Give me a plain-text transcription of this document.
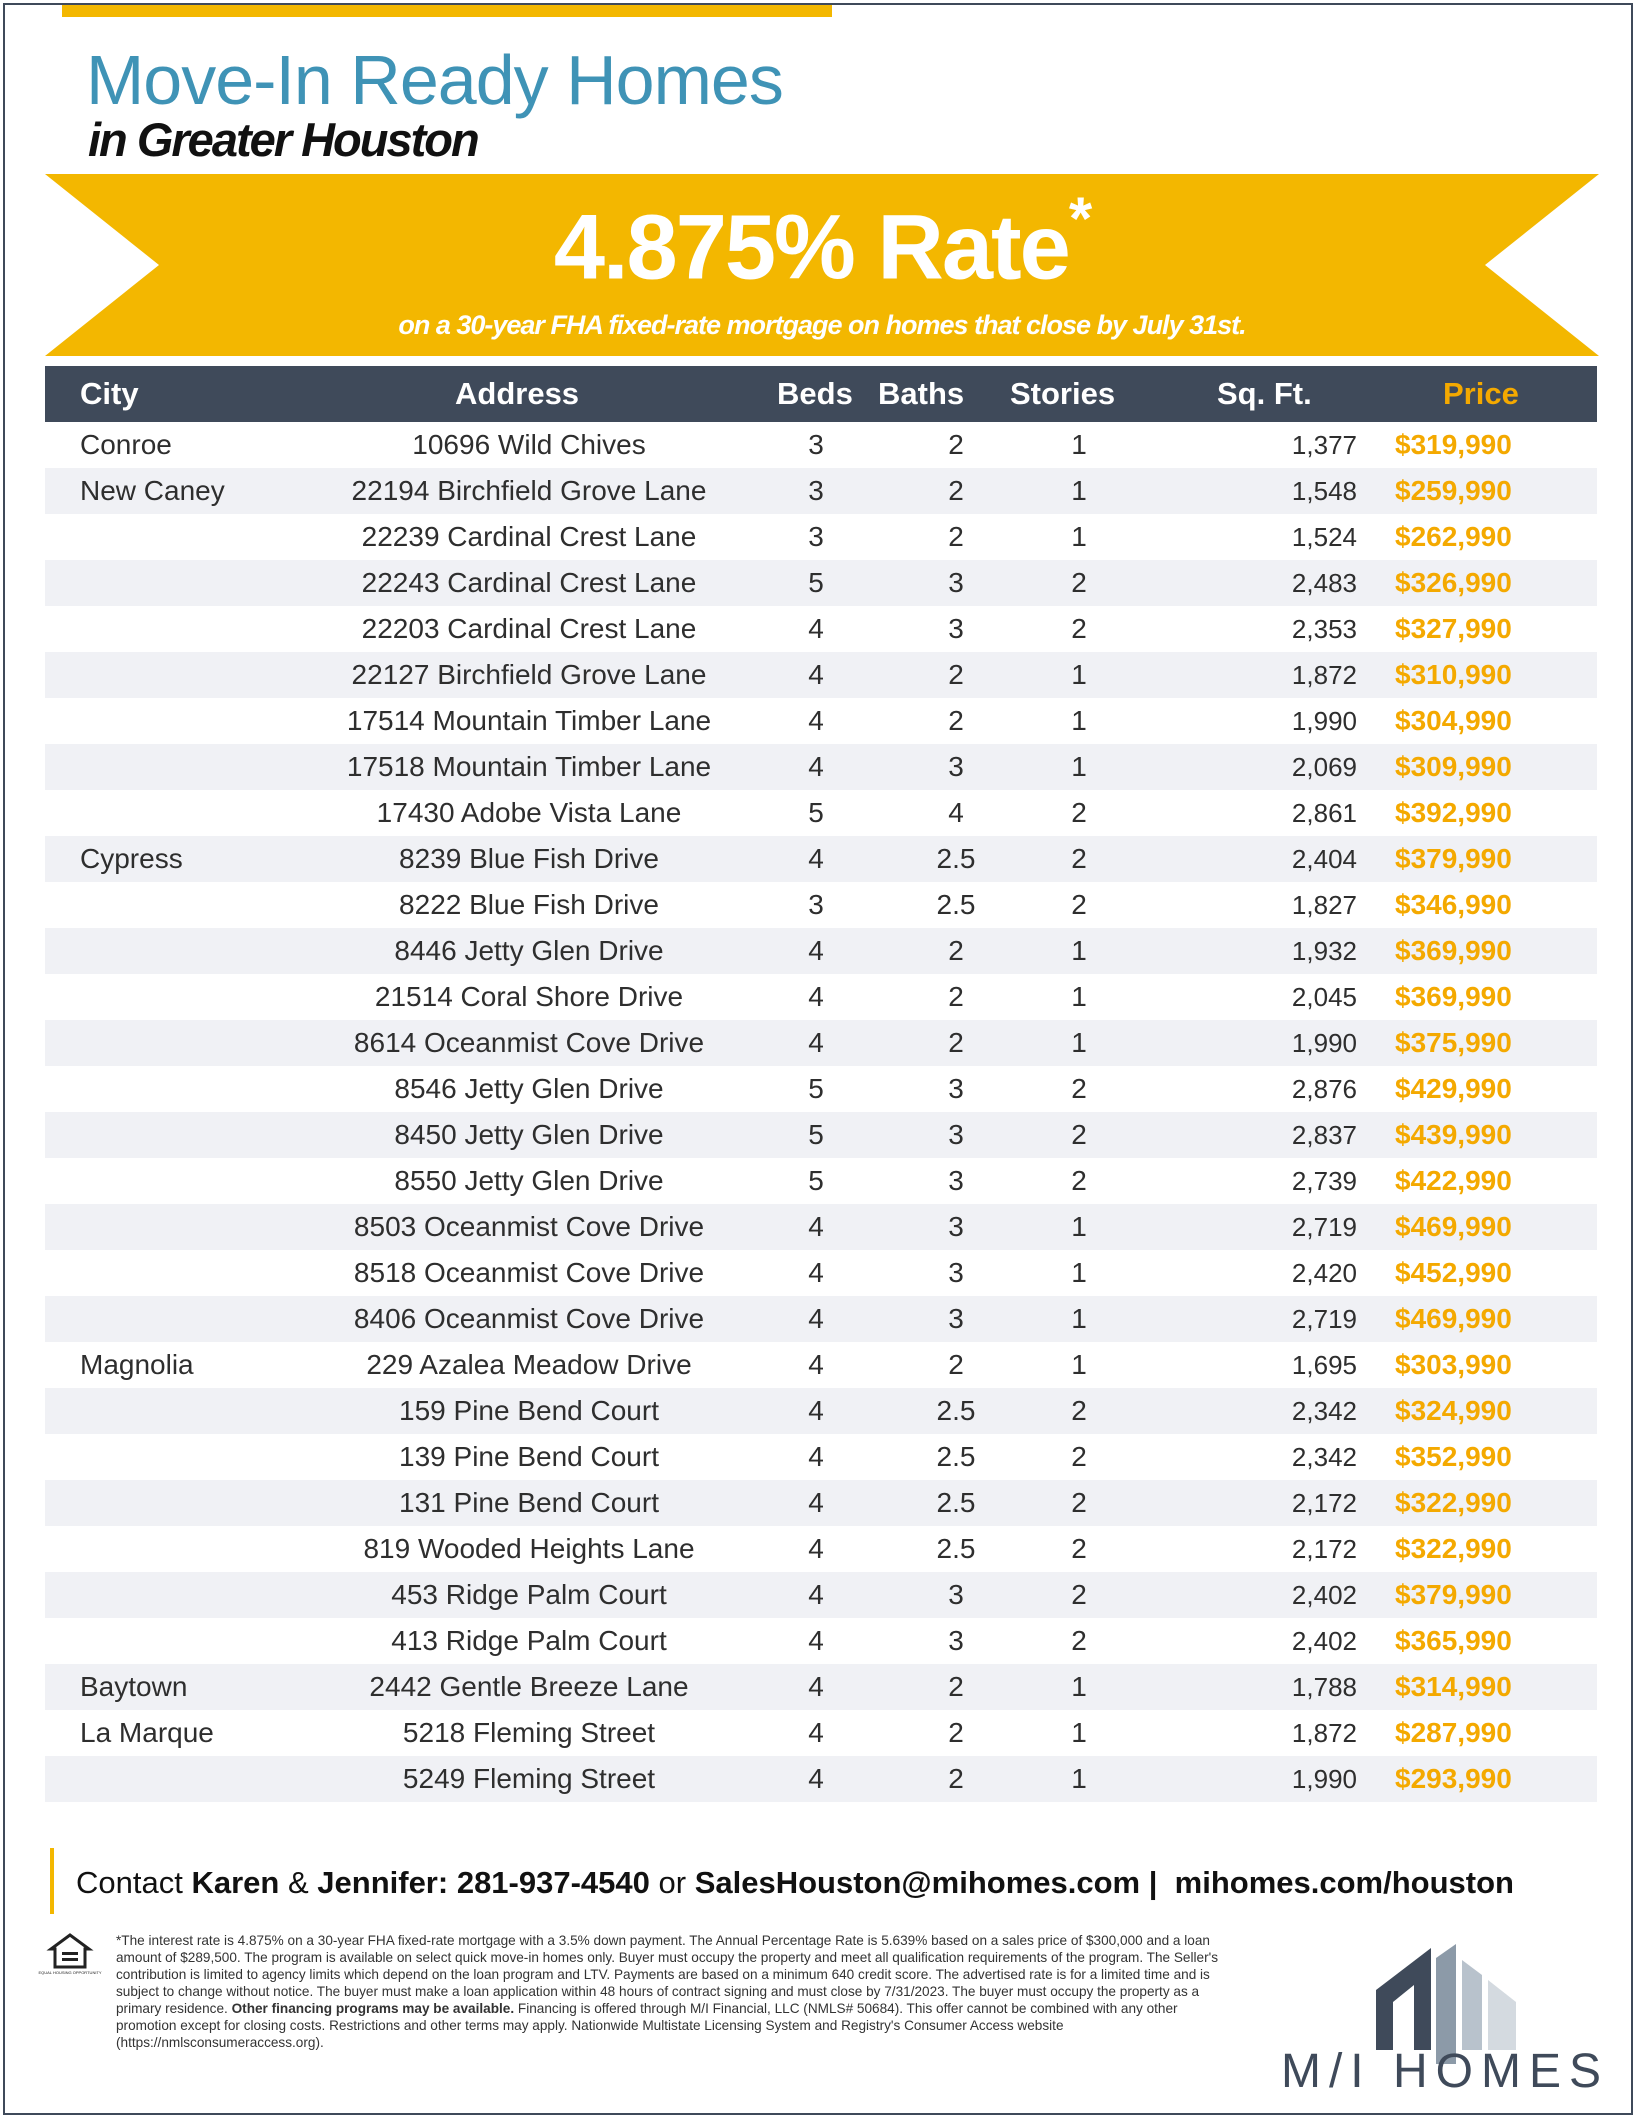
Move-In Ready Homes
in Greater Houston
4.875% Rate*
on a 30-year FHA fixed-rate mortgage on homes that close by July 31st.
City	Address	Beds Baths Stories	Sq. Ft.	Price
Conroe	10696 Wild Chives	3	2	1	1,377 $319,990
New Caney	22194 Birchfield Grove Lane	3	2	1	1,548 $259,990
22239 Cardinal Crest Lane	3	2	1	1,524 $262,990
22243 Cardinal Crest Lane	5	3	2	2,483 $326,990
22203 Cardinal Crest Lane	4	3	2	2,353 $327,990
22127 Birchfield Grove Lane	4	2	1	1,872 $310,990
17514 Mountain Timber Lane	4	2	1	1,990 $304,990
17518 Mountain Timber Lane	4	3	1	2,069 $309,990
17430 Adobe Vista Lane	5	4	2	2,861 $392,990
Cypress	8239 Blue Fish Drive	4	2.5	2	2,404 $379,990
8222 Blue Fish Drive	3	2.5	2	1,827 $346,990
8446 Jetty Glen Drive	4	2	1	1,932 $369,990
21514 Coral Shore Drive	4	2	1	2,045 $369,990
8614 Oceanmist Cove Drive	4	2	1	1,990 $375,990
8546 Jetty Glen Drive	5	3	2	2,876 $429,990
8450 Jetty Glen Drive	5	3	2	2,837 $439,990
8550 Jetty Glen Drive	5	3	2	2,739 $422,990
8503 Oceanmist Cove Drive	4	3	1	2,719 $469,990
8518 Oceanmist Cove Drive	4	3	1	2,420 $452,990
8406 Oceanmist Cove Drive	4	3	1	2,719 $469,990
Magnolia	229 Azalea Meadow Drive	4	2	1	1,695 $303,990
159 Pine Bend Court	4	2.5	2	2,342 $324,990
139 Pine Bend Court	4	2.5	2	2,342 $352,990
131 Pine Bend Court	4	2.5	2	2,172 $322,990
819 Wooded Heights Lane	4	2.5	2	2,172 $322,990
453 Ridge Palm Court	4	3	2	2,402 $379,990
413 Ridge Palm Court	4	3	2	2,402 $365,990
Baytown	2442 Gentle Breeze Lane	4	2	1	1,788 $314,990
La Marque	5218 Fleming Street	4	2	1	1,872 $287,990
5249 Fleming Street	4	2	1	1,990 $293,990
Contact Karen & Jennifer: 281-937-4540 or SalesHouston@mihomes.com | mihomes.com/houston
EQUAL HOUSING OPPORTUNITY
*The interest rate is 4.875% on a 30-year FHA fixed-rate mortgage with a 3.5% down payment. The Annual Percentage Rate is 5.639% based on a sales price of $300,000 and a loan amount of $289,500. The program is available on select quick move-in homes only. Buyer must occupy the property and meet all qualification requirements of the program. The Seller's contribution is limited to agency limits which depend on the loan program and LTV. Payments are based on a minimum 640 credit score. The advertised rate is for a limited time and is subject to change without notice. The buyer must make a loan application within 48 hours of contract signing and must close by 7/31/2023. The buyer must occupy the property as a primary residence. Other financing programs may be available. Financing is offered through M/I Financial, LLC (NMLS# 50684). This offer cannot be combined with any other promotion except for closing costs. Restrictions and other terms may apply. Nationwide Multistate Licensing System and Registry's Consumer Access website (https://nmlsconsumeraccess.org).
M/I HOMES
